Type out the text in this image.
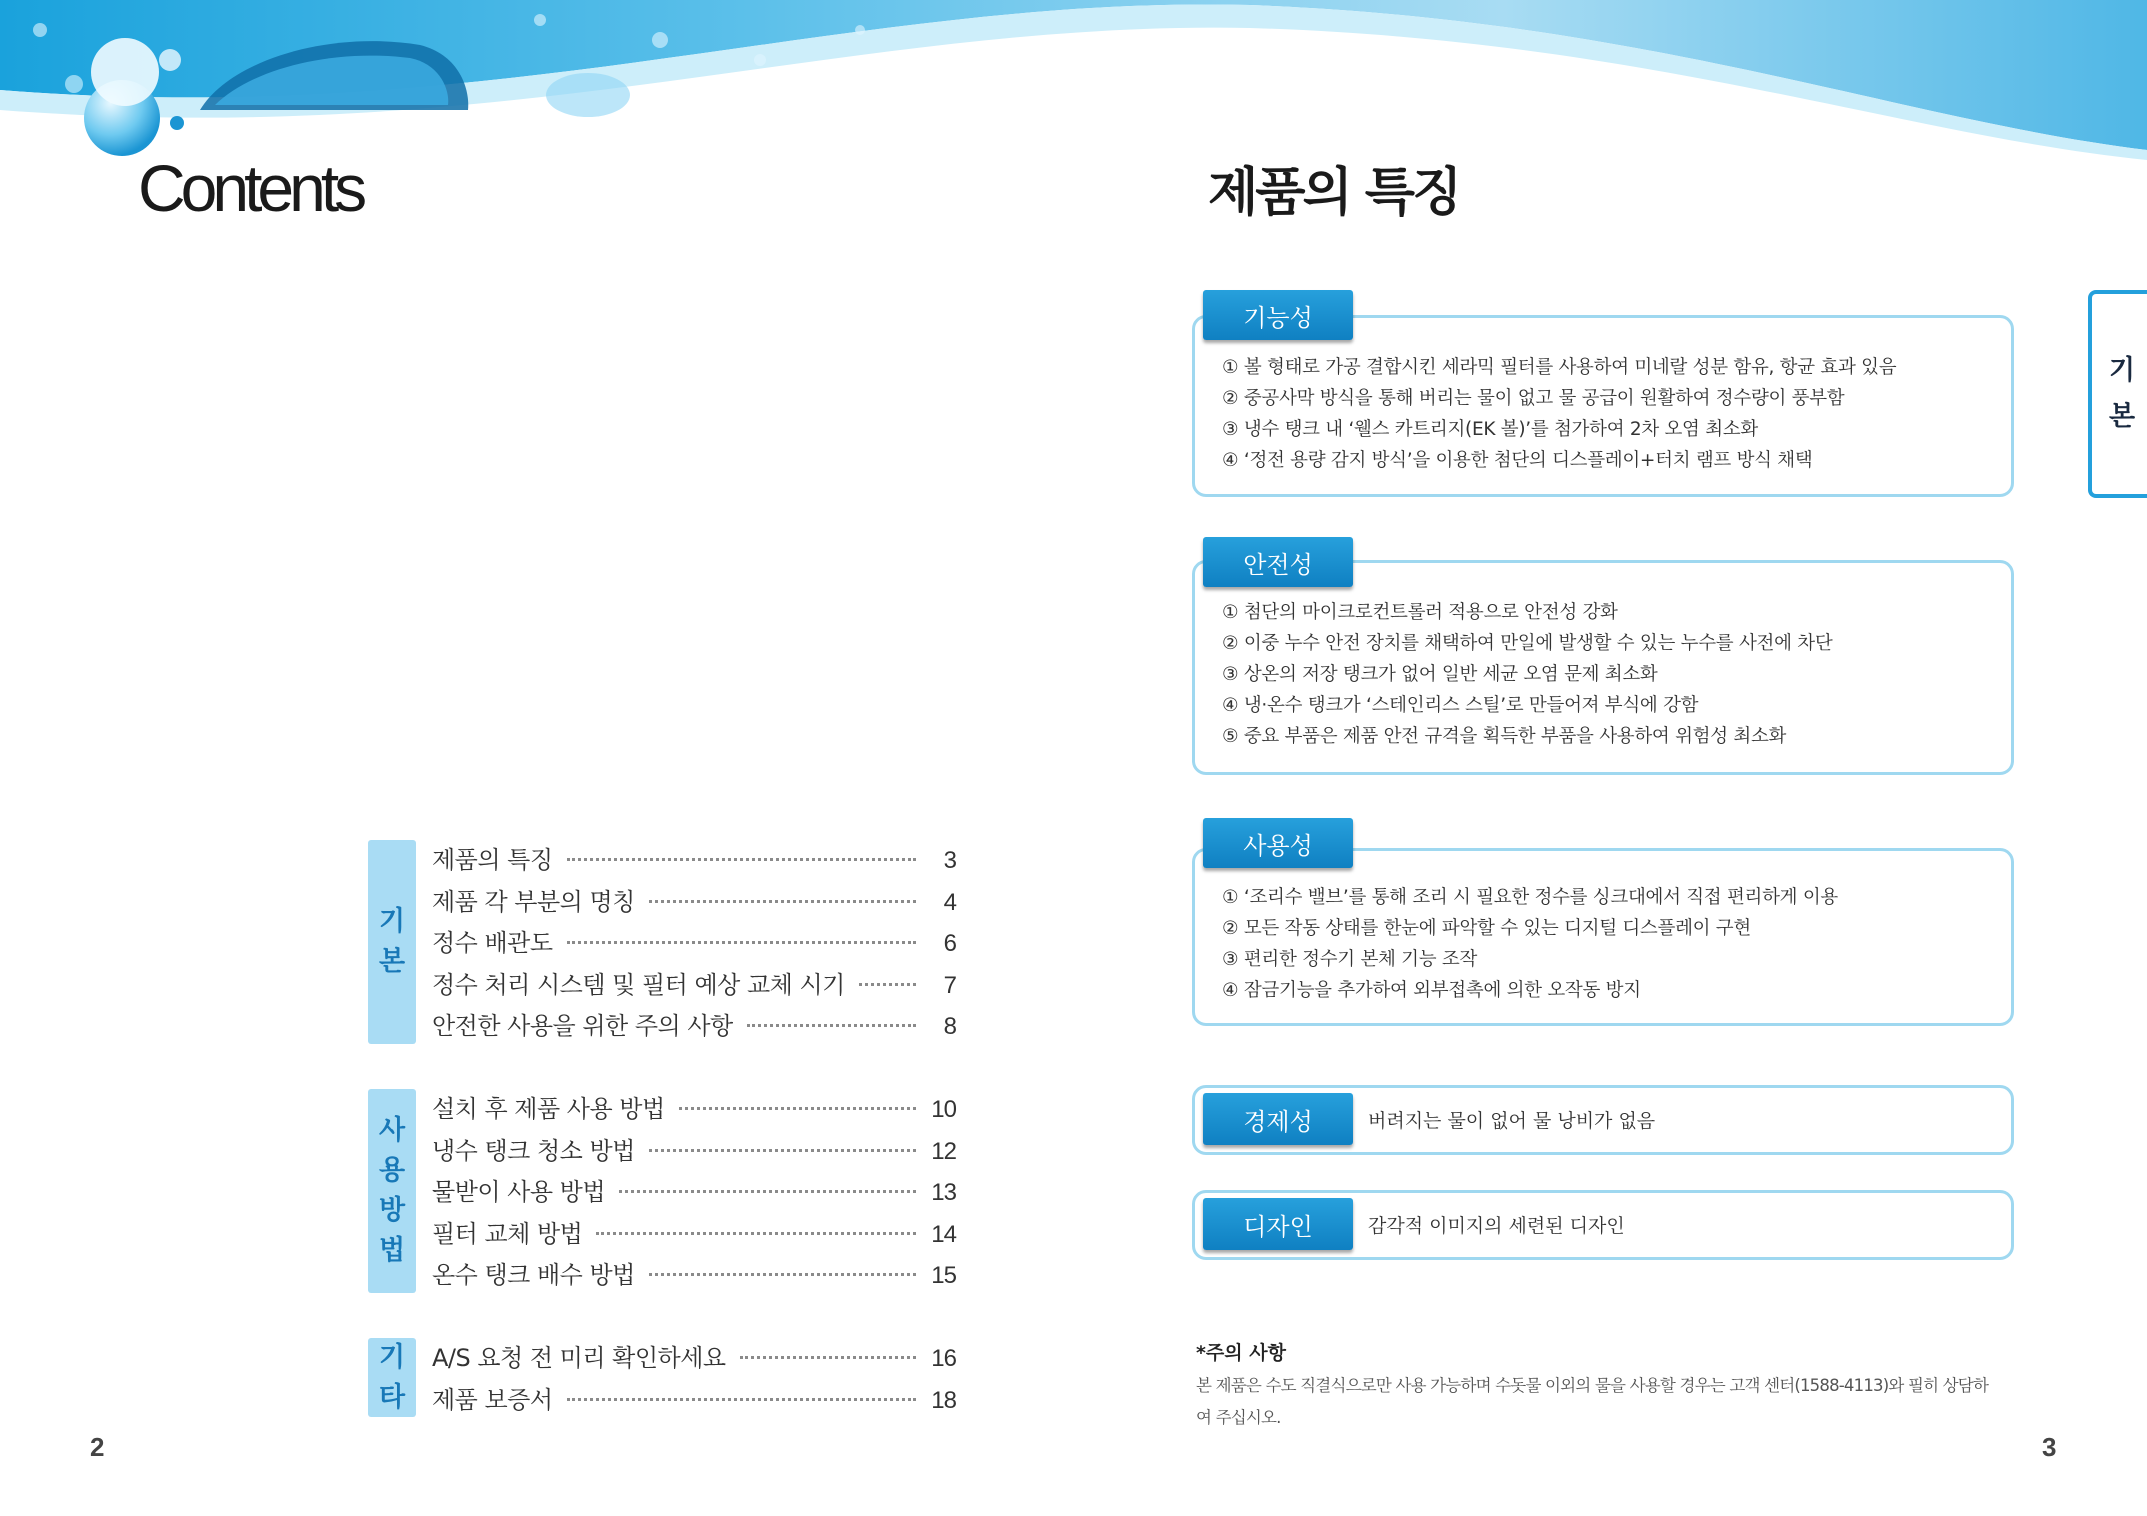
Contents
기
본
제품의 특징	3
제품 각 부분의 명칭	4
정수 배관도	6
정수 처리 시스템 및 필터 예상 교체 시기	7
안전한 사용을 위한 주의 사항	8
사
용
방
법
설치 후 제품 사용 방법	10
냉수 탱크 청소 방법	12
물받이 사용 방법	13
필터 교체 방법	14
온수 탱크 배수 방법	15
기
타
A/S 요청 전 미리 확인하세요	16
제품 보증서	18
2
제품의 특징
기
본
기능성
① 볼 형태로 가공 결합시킨 세라믹 필터를 사용하여 미네랄 성분 함유, 항균 효과 있음
② 중공사막 방식을 통해 버리는 물이 없고 물 공급이 원활하여 정수량이 풍부함
③ 냉수 탱크 내 ‘웰스 카트리지(EK 볼)’를 첨가하여 2차 오염 최소화
④ ‘정전 용량 감지 방식’을 이용한 첨단의 디스플레이+터치 램프 방식 채택
안전성
① 첨단의 마이크로컨트롤러 적용으로 안전성 강화
② 이중 누수 안전 장치를 채택하여 만일에 발생할 수 있는 누수를 사전에 차단
③ 상온의 저장 탱크가 없어 일반 세균 오염 문제 최소화
④ 냉·온수 탱크가 ‘스테인리스 스틸’로 만들어져 부식에 강함
⑤ 중요 부품은 제품 안전 규격을 획득한 부품을 사용하여 위험성 최소화
사용성
① ‘조리수 밸브’를 통해 조리 시 필요한 정수를 싱크대에서 직접 편리하게 이용
② 모든 작동 상태를 한눈에 파악할 수 있는 디지털 디스플레이 구현
③ 편리한 정수기 본체 기능 조작
④ 잠금기능을 추가하여 외부접촉에 의한 오작동 방지
경제성	버려지는 물이 없어 물 낭비가 없음
디자인	감각적 이미지의 세련된 디자인
*주의 사항
본 제품은 수도 직결식으로만 사용 가능하며 수돗물 이외의 물을 사용할 경우는 고객 센터(1588-4113)와 필히 상담하여 주십시오.
3
